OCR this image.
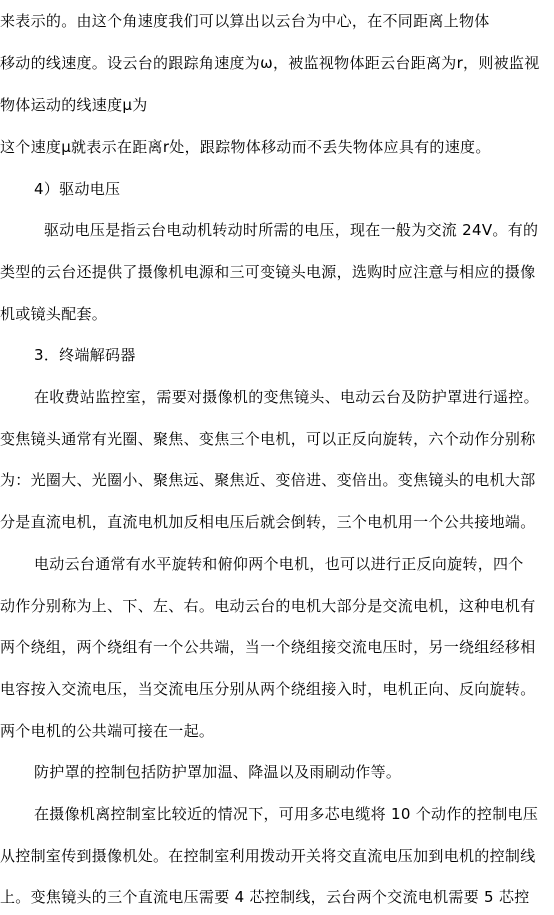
来表示的。由这个角速度我们可以算出以云台为中心，在不同距离上物体
移动的线速度。设云台的跟踪角速度为ω，被监视物体距云台距离为r，则被监视
物体运动的线速度μ为
这个速度μ就表示在距离r处，跟踪物体移动而不丢失物体应具有的速度。
4）驱动电压
驱动电压是指云台电动机转动时所需的电压，现在一般为交流 24V。有的
类型的云台还提供了摄像机电源和三可变镜头电源，选购时应注意与相应的摄像
机或镜头配套。
3．终端解码器
在收费站监控室，需要对摄像机的变焦镜头、电动云台及防护罩进行遥控。
变焦镜头通常有光圈、聚焦、变焦三个电机，可以正反向旋转，六个动作分别称
为：光圈大、光圈小、聚焦远、聚焦近、变倍进、变倍出。变焦镜头的电机大部
分是直流电机，直流电机加反相电压后就会倒转，三个电机用一个公共接地端。
电动云台通常有水平旋转和俯仰两个电机，也可以进行正反向旋转，四个
动作分别称为上、下、左、右。电动云台的电机大部分是交流电机，这种电机有
两个绕组，两个绕组有一个公共端，当一个绕组接交流电压时，另一绕组经移相
电容按入交流电压，当交流电压分别从两个绕组接入时，电机正向、反向旋转。
两个电机的公共端可接在一起。
防护罩的控制包括防护罩加温、降温以及雨刷动作等。
在摄像机离控制室比较近的情况下，可用多芯电缆将 10 个动作的控制电压
从控制室传到摄像机处。在控制室利用拨动开关将交直流电压加到电机的控制线
上。变焦镜头的三个直流电压需要 4 芯控制线，云台两个交流电机需要 5 芯控
